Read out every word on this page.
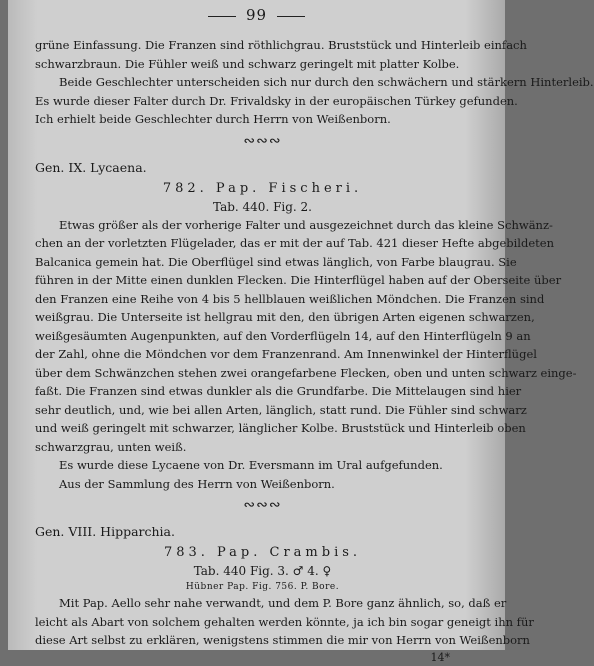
99
grüne Einfassung. Die Franzen sind röthlichgrau. Bruststück und Hinterleib einfach
schwarzbraun. Die Fühler weiß und schwarz geringelt mit platter Kolbe.
Beide Geschlechter unterscheiden sich nur durch den schwächern und stärkern Hinterleib.
Es wurde dieser Falter durch Dr. Frivaldsky in der europäischen Türkey gefunden.
Ich erhielt beide Geschlechter durch Herrn von Weißenborn.
∾∾∾
Gen. IX. Lycaena.
782. Pap. Fischeri.
Tab. 440. Fig. 2.
Etwas größer als der vorherige Falter und ausgezeichnet durch das kleine Schwänz-
chen an der vorletzten Flügelader, das er mit der auf Tab. 421 dieser Hefte abgebildeten
Balcanica gemein hat. Die Oberflügel sind etwas länglich, von Farbe blaugrau. Sie
führen in der Mitte einen dunklen Flecken. Die Hinterflügel haben auf der Oberseite über
den Franzen eine Reihe von 4 bis 5 hellblauen weißlichen Möndchen. Die Franzen sind
weißgrau. Die Unterseite ist hellgrau mit den, den übrigen Arten eigenen schwarzen,
weißgesäumten Augenpunkten, auf den Vorderflügeln 14, auf den Hinterflügeln 9 an
der Zahl, ohne die Möndchen vor dem Franzenrand. Am Innenwinkel der Hinterflügel
über dem Schwänzchen stehen zwei orangefarbene Flecken, oben und unten schwarz einge-
faßt. Die Franzen sind etwas dunkler als die Grundfarbe. Die Mittelaugen sind hier
sehr deutlich, und, wie bei allen Arten, länglich, statt rund. Die Fühler sind schwarz
und weiß geringelt mit schwarzer, länglicher Kolbe. Bruststück und Hinterleib oben
schwarzgrau, unten weiß.
Es wurde diese Lycaene von Dr. Eversmann im Ural aufgefunden.
Aus der Sammlung des Herrn von Weißenborn.
∾∾∾
Gen. VIII. Hipparchia.
783. Pap. Crambis.
Tab. 440 Fig. 3. ♂ 4. ♀
Hübner Pap. Fig. 756. P. Bore.
Mit Pap. Aello sehr nahe verwandt, und dem P. Bore ganz ähnlich, so, daß er
leicht als Abart von solchem gehalten werden könnte, ja ich bin sogar geneigt ihn für
diese Art selbst zu erklären, wenigstens stimmen die mir von Herrn von Weißenborn
14*
